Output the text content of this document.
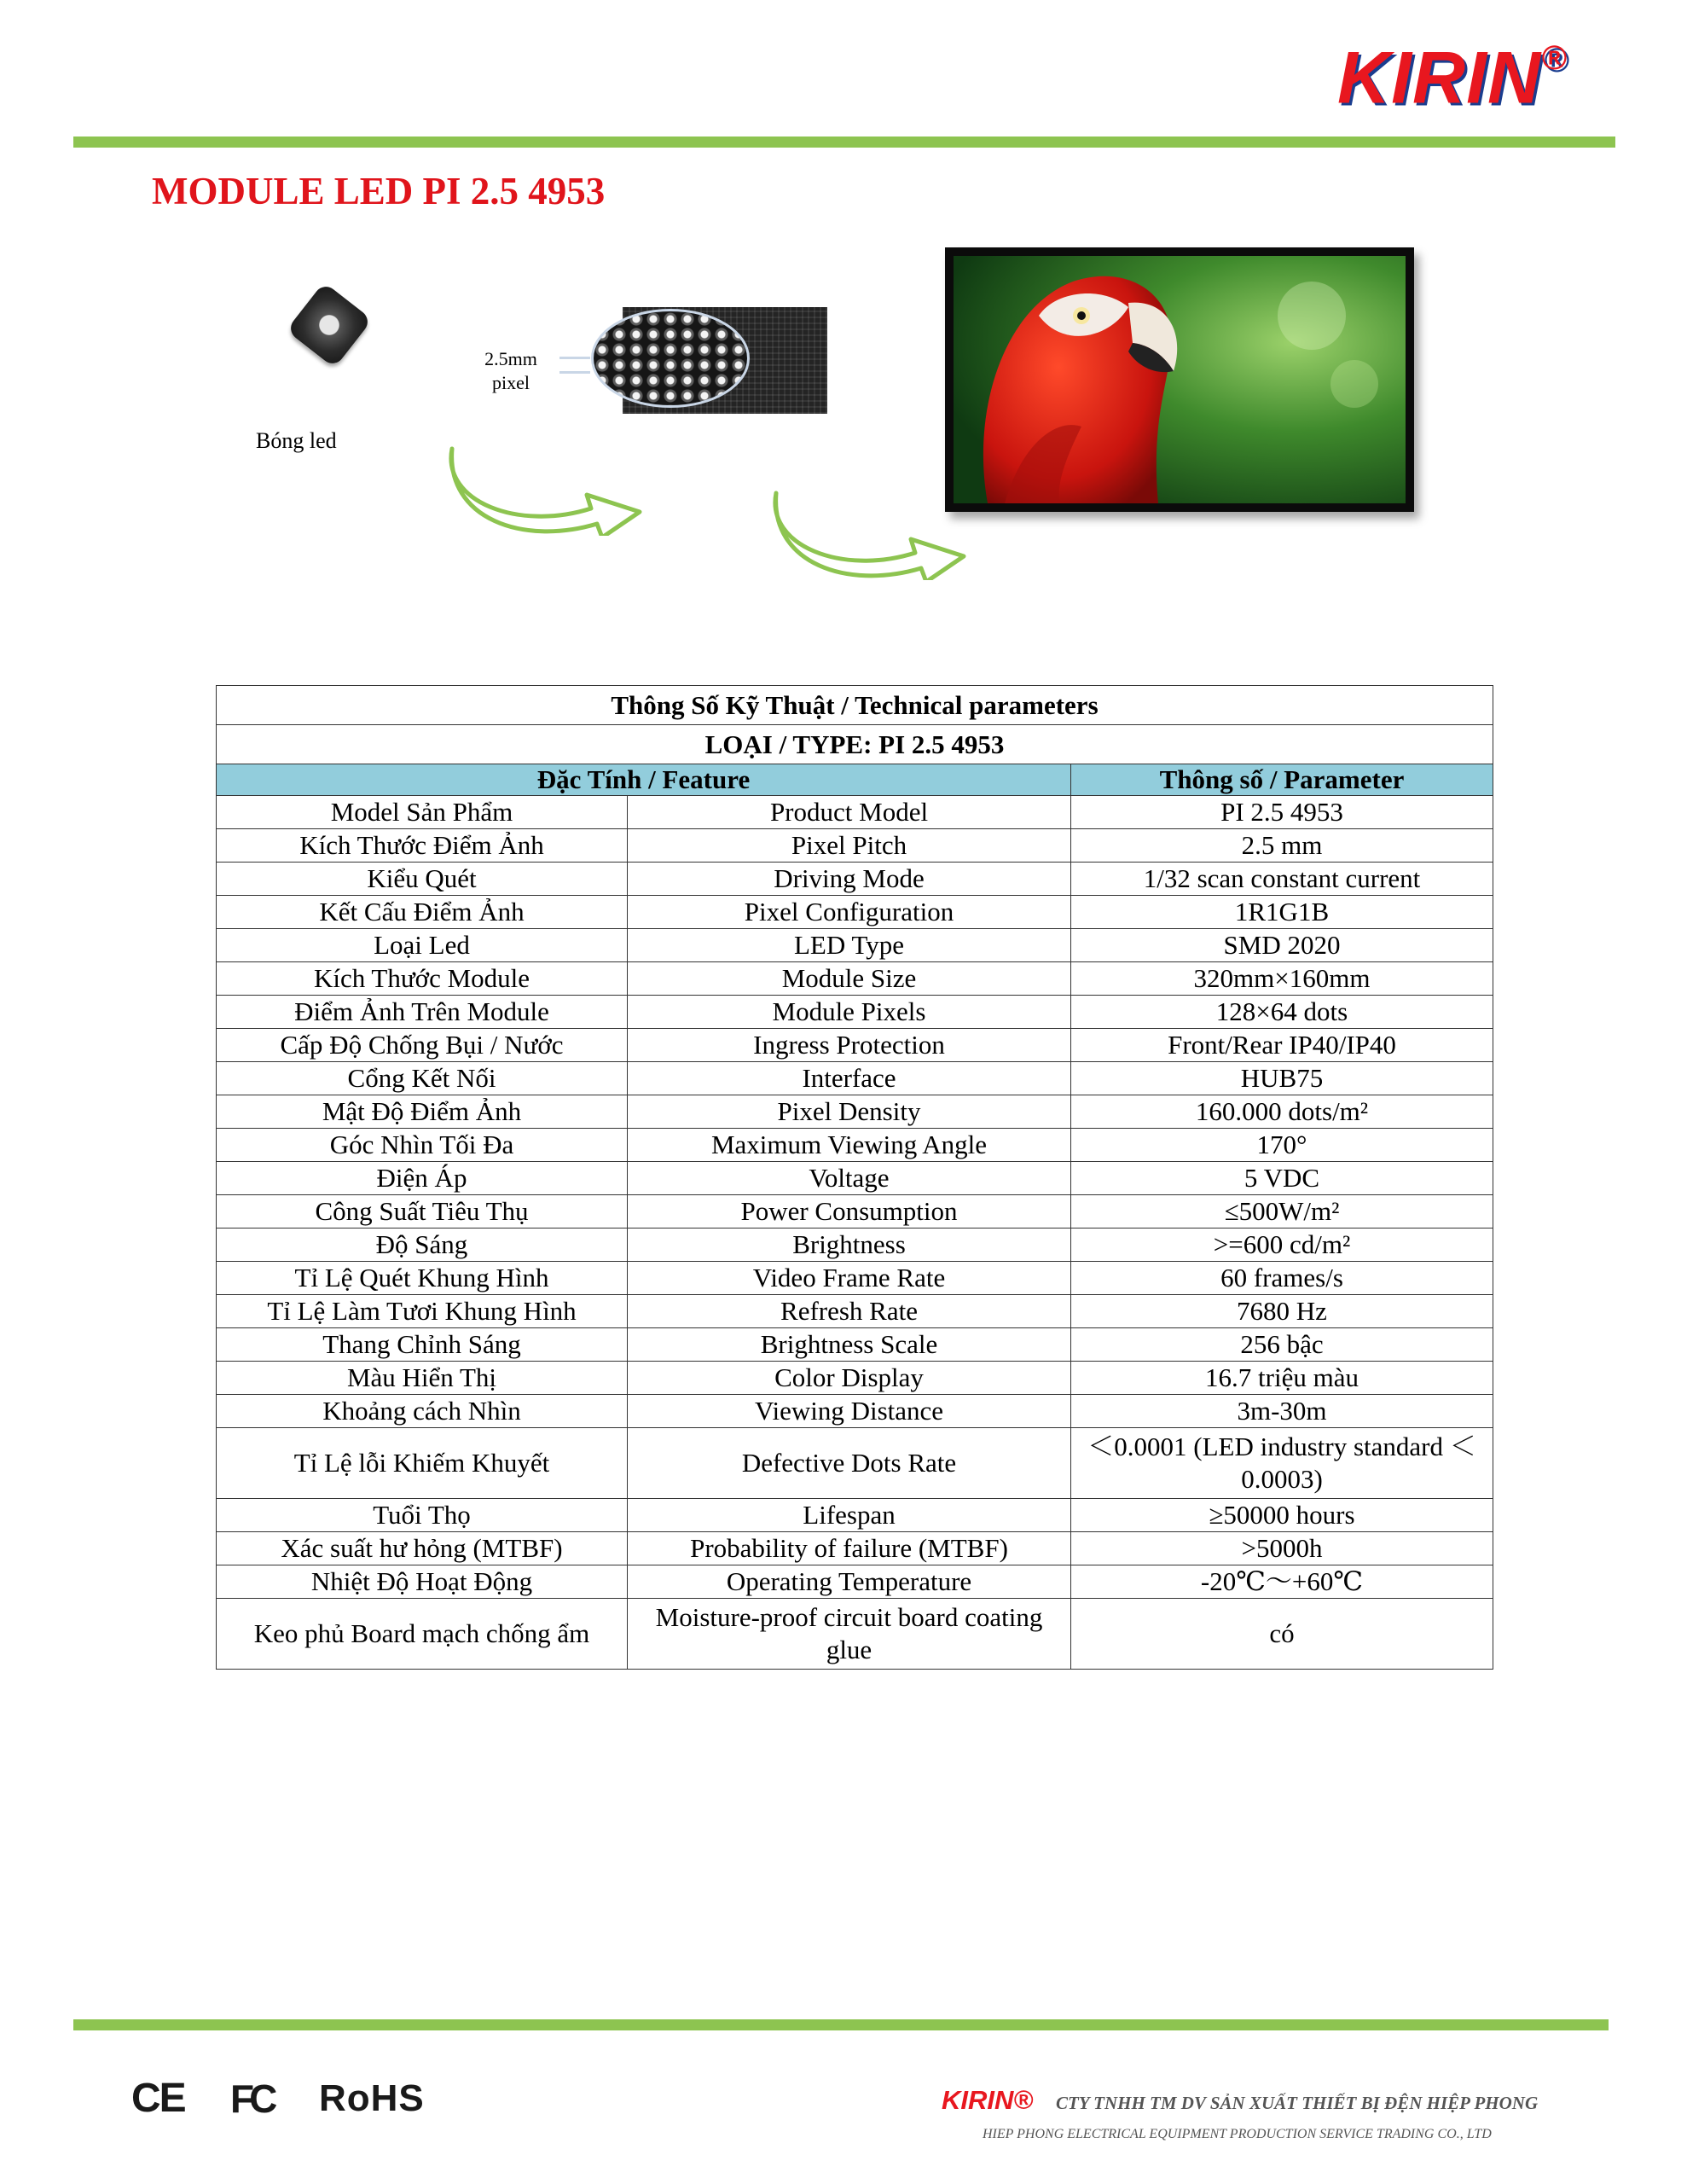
KIRIN®
MODULE LED PI 2.5 4953
Bóng led
2.5mm
pixel
Thông Số Kỹ Thuật / Technical parameters		
LOẠI / TYPE: PI 2.5 4953		
Đặc Tính / Feature		Thông số / Parameter
Model Sản Phẩm	Product Model	PI 2.5 4953
Kích Thước Điểm Ảnh	Pixel Pitch	2.5 mm
Kiểu Quét	Driving Mode	1/32 scan constant current
Kết Cấu Điểm Ảnh	Pixel Configuration	1R1G1B
Loại Led	LED Type	SMD 2020
Kích Thước Module	Module Size	320mm×160mm
Điểm Ảnh Trên Module	Module Pixels	128×64 dots
Cấp Độ Chống Bụi / Nước	Ingress Protection	Front/Rear IP40/IP40
Cổng Kết Nối	Interface	HUB75
Mật Độ Điểm Ảnh	Pixel Density	160.000 dots/m²
Góc Nhìn Tối Đa	Maximum Viewing Angle	170°
Điện Áp	Voltage	5 VDC
Công Suất Tiêu Thụ	Power Consumption	≤500W/m²
Độ Sáng	Brightness	>=600 cd/m²
Tỉ Lệ Quét Khung Hình	Video Frame Rate	60 frames/s
Tỉ Lệ Làm Tươi Khung Hình	Refresh Rate	7680 Hz
Thang Chỉnh Sáng	Brightness Scale	256 bậc
Màu Hiển Thị	Color Display	16.7 triệu màu
Khoảng cách Nhìn	Viewing Distance	3m-30m
Tỉ Lệ lỗi Khiếm Khuyết	Defective Dots Rate	＜0.0001 (LED industry standard ＜0.0003)
Tuổi Thọ	Lifespan	≥50000 hours
Xác suất hư hỏng (MTBF)	Probability of failure (MTBF)	>5000h
Nhiệt Độ Hoạt Động	Operating Temperature	-20℃～+60℃
Keo phủ Board mạch chống ẩm	Moisture-proof circuit board coating glue	có
CE FC RoHS	KIRIN® CTY TNHH TM DV SẢN XUẤT THIẾT BỊ ĐỆN HIỆP PHONG
HIEP PHONG ELECTRICAL EQUIPMENT PRODUCTION SERVICE TRADING CO., LTD
